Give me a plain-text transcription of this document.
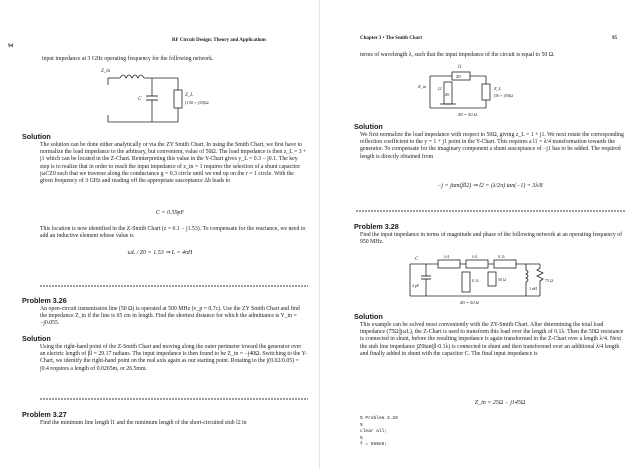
94
RF Circuit Design: Theory and Applications
input impedance at 3 GHz operating frequency for the following network.
Z_in
C
Z_L
(150 + j50)Ω
Solution
The solution can be done either analytically or via the ZY Smith Chart. In using the Smith Chart, we first have to normalize the load impedance to the arbitrary, but convenient, value of 50Ω. The load impedance is then z_L = 3 + j1 which can be located in the Z-Chart. Reinterpreting this value in the Y-Chart gives y_L = 0.3 − j0.1. The key step is to realize that in order to reach the input impedance of z_in = 1 requires the selection of a shunt capacitor jωCZ0 such that we traverse along the conductance g = 0.3 circle until we end up on the r = 1 circle. With the given frequency of 3 GHz and reading off the appropriate susceptance Δb leads to
C = 0.59pF
This location is now identified in the Z-Smith Chart (z = 0.1 − j1.53). To compensate for the reactance, we need to add an inductive element whose value is
ωL / Z0 = 1.53 ⇒ L = 4nH
Problem 3.26
An open-circuit transmission line (50 Ω) is operated at 500 MHz (v_p = 0.7c). Use the ZY Smith Chart and find the impedance Z_in if the line is 65 cm in length. Find the shortest distance for which the admittance is Y_in = −j0.055.
Solution
Using the right-hand point of the Z-Smith Chart and moving along the outer perimeter toward the generator over an electric length of βl = 29.17 radians. The input impedance is then found to be Z_in = −j40Ω. Switching to the Y-Chart, we identify the right-hand point on the real axis again as our starting point. Rotating to the j(0.02/0.05) = j0.4 requires a length of 0.0265m, or 26.5mm.
Problem 3.27
Find the minimum line length l1 and the minimum length of the short-circuited stub l2 in
Chapter 3 • The Smith Chart	95
terms of wavelength λ, such that the input impedance of the circuit is equal to 50 Ω.
l1
Z0
l2
Z0
Z_in	Z_L
(50 + j50)Ω
Z0 = 50 Ω
Solution
We first normalize the load impedance with respect to 50Ω, giving z_L = 1 + j1. We next rotate the corresponding reflection coefficient to the y = 1 + j1 point in the Y-Chart. This requires a l1 = λ/4 transformation towards the generator. To compensate for the imaginary component a shunt susceptance of −j1 has to be added. The required length is directly obtained from
−j = jtan(βl2) ⇒ l2 = (λ/2π) tan(−1) = 3λ/8
Problem 3.28
Find the input impedance in terms of magnitude and phase of the following network at an operating frequency of 950 MHz.
C
λ/4	λ/4	0.1λ
2 pF
0.1λ	50 Ω	75 Ω
1 nH
Z0 = 50 Ω
Solution
This example can be solved most conveniently with the ZY-Smith Chart. After determining the total load impedance (75Ω||jωL), the Z-Chart is used to transform this load over the length of 0.1λ. Then the 50Ω resistance is connected in shunt, before the resulting impedance is again transformed in the Z-Chart over a length λ/4. Next the stub line impedance jZ0tan(β·0.1λ) is connected in shunt and then transformed over an additional λ/4 length and finally added in shunt with the capacitor C. The final input impedance is
Z_in = 25Ω − j145Ω
% Problem 3.28
%
clear all;
%
f = 950e6;
